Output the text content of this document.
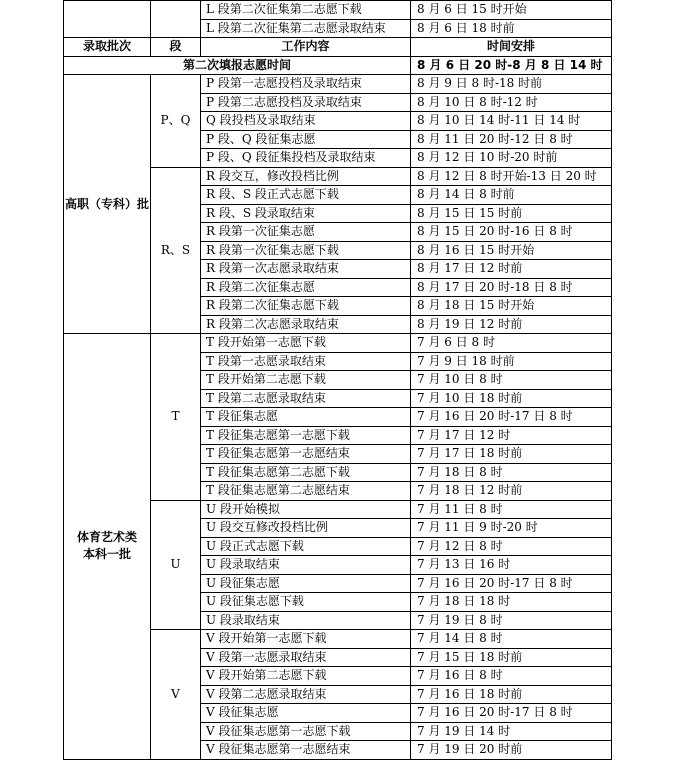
		L 段第二次征集第二志愿下载	8 月 6 日 15 时开始
		L 段第二次征集第二志愿录取结束	8 月 6 日 18 时前
录取批次	段	工作内容	时间安排
第二次填报志愿时间			8 月 6 日 20 时-8 月 8 日 14 时

高职（专科）批	P、Q	P 段第一志愿投档及录取结束	8 月 9 日 8 时-18 时前
		P 段第二志愿投档及录取结束	8 月 10 日 8 时-12 时
		Q 段投档及录取结束	8 月 10 日 14 时-11 日 14 时
		P 段、Q 段征集志愿	8 月 11 日 20 时-12 日 8 时
		P 段、Q 段征集投档及录取结束	8 月 12 日 10 时-20 时前
	R、S	R 段交互，修改投档比例	8 月 12 日 8 时开始-13 日 20 时
		R 段、S 段正式志愿下载	8 月 14 日 8 时前
		R 段、S 段录取结束	8 月 15 日 15 时前
		R 段第一次征集志愿	8 月 15 日 20 时-16 日 8 时
		R 段第一次征集志愿下载	8 月 16 日 15 时开始
		R 段第一次志愿录取结束	8 月 17 日 12 时前
		R 段第二次征集志愿	8 月 17 日 20 时-18 日 8 时
		R 段第二次征集志愿下载	8 月 18 日 15 时开始
		R 段第二次志愿录取结束	8 月 19 日 12 时前

体育艺术类
本科一批	T	T 段开始第一志愿下载	7 月 6 日 8 时
		T 段第一志愿录取结束	7 月 9 日 18 时前
		T 段开始第二志愿下载	7 月 10 日 8 时
		T 段第二志愿录取结束	7 月 10 日 18 时前
		T 段征集志愿	7 月 16 日 20 时-17 日 8 时
		T 段征集志愿第一志愿下载	7 月 17 日 12 时
		T 段征集志愿第一志愿结束	7 月 17 日 18 时前
		T 段征集志愿第二志愿下载	7 月 18 日 8 时
		T 段征集志愿第二志愿结束	7 月 18 日 12 时前
	U	U 段开始模拟	7 月 11 日 8 时
		U 段交互修改投档比例	7 月 11 日 9 时-20 时
		U 段正式志愿下载	7 月 12 日 8 时
		U 段录取结束	7 月 13 日 16 时
		U 段征集志愿	7 月 16 日 20 时-17 日 8 时
		U 段征集志愿下载	7 月 18 日 18 时
		U 段录取结束	7 月 19 日 8 时
	V	V 段开始第一志愿下载	7 月 14 日 8 时
		V 段第一志愿录取结束	7 月 15 日 18 时前
		V 段开始第二志愿下载	7 月 16 日 8 时
		V 段第二志愿录取结束	7 月 16 日 18 时前
		V 段征集志愿	7 月 16 日 20 时-17 日 8 时
		V 段征集志愿第一志愿下载	7 月 19 日 14 时
		V 段征集志愿第一志愿结束	7 月 19 日 20 时前
